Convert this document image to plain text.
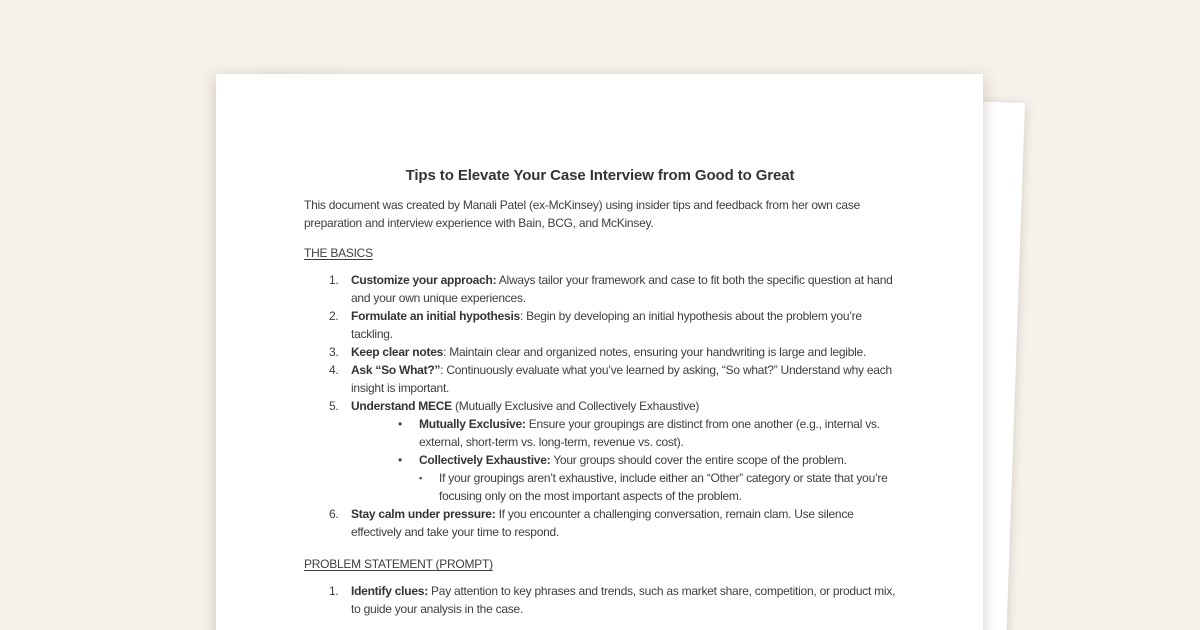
Tips to Elevate Your Case Interview from Good to Great

This document was created by Manali Patel (ex-McKinsey) using insider tips and feedback from her own case preparation and interview experience with Bain, BCG, and McKinsey.

THE BASICS
1. Customize your approach: Always tailor your framework and case to fit both the specific question at hand and your own unique experiences.
2. Formulate an initial hypothesis: Begin by developing an initial hypothesis about the problem you’re tackling.
3. Keep clear notes: Maintain clear and organized notes, ensuring your handwriting is large and legible.
4. Ask “So What?”: Continuously evaluate what you’ve learned by asking, “So what?” Understand why each insight is important.
5. Understand MECE (Mutually Exclusive and Collectively Exhaustive)
• Mutually Exclusive: Ensure your groupings are distinct from one another (e.g., internal vs. external, short-term vs. long-term, revenue vs. cost).
• Collectively Exhaustive: Your groups should cover the entire scope of the problem.
▪ If your groupings aren’t exhaustive, include either an “Other” category or state that you’re focusing only on the most important aspects of the problem.
6. Stay calm under pressure: If you encounter a challenging conversation, remain clam. Use silence effectively and take your time to respond.
PROBLEM STATEMENT (PROMPT)
1. Identify clues: Pay attention to key phrases and trends, such as market share, competition, or product mix, to guide your analysis in the case.
